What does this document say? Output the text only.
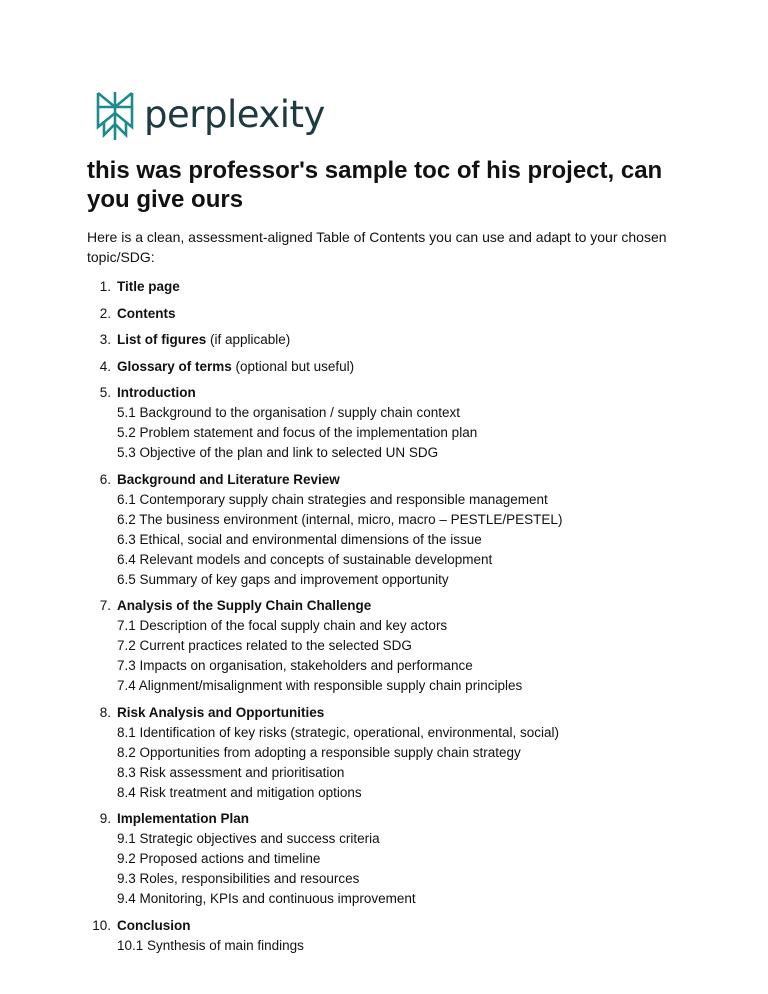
perplexity
this was professor's sample toc of his project, can you give ours

Here is a clean, assessment-aligned Table of Contents you can use and adapt to your chosen topic/SDG:

1. Title page
2. Contents
3. List of figures (if applicable)
4. Glossary of terms (optional but useful)
5. Introduction
5.1 Background to the organisation / supply chain context
5.2 Problem statement and focus of the implementation plan
5.3 Objective of the plan and link to selected UN SDG
6. Background and Literature Review
6.1 Contemporary supply chain strategies and responsible management
6.2 The business environment (internal, micro, macro – PESTLE/PESTEL)
6.3 Ethical, social and environmental dimensions of the issue
6.4 Relevant models and concepts of sustainable development
6.5 Summary of key gaps and improvement opportunity
7. Analysis of the Supply Chain Challenge
7.1 Description of the focal supply chain and key actors
7.2 Current practices related to the selected SDG
7.3 Impacts on organisation, stakeholders and performance
7.4 Alignment/misalignment with responsible supply chain principles
8. Risk Analysis and Opportunities
8.1 Identification of key risks (strategic, operational, environmental, social)
8.2 Opportunities from adopting a responsible supply chain strategy
8.3 Risk assessment and prioritisation
8.4 Risk treatment and mitigation options
9. Implementation Plan
9.1 Strategic objectives and success criteria
9.2 Proposed actions and timeline
9.3 Roles, responsibilities and resources
9.4 Monitoring, KPIs and continuous improvement
10. Conclusion
10.1 Synthesis of main findings
